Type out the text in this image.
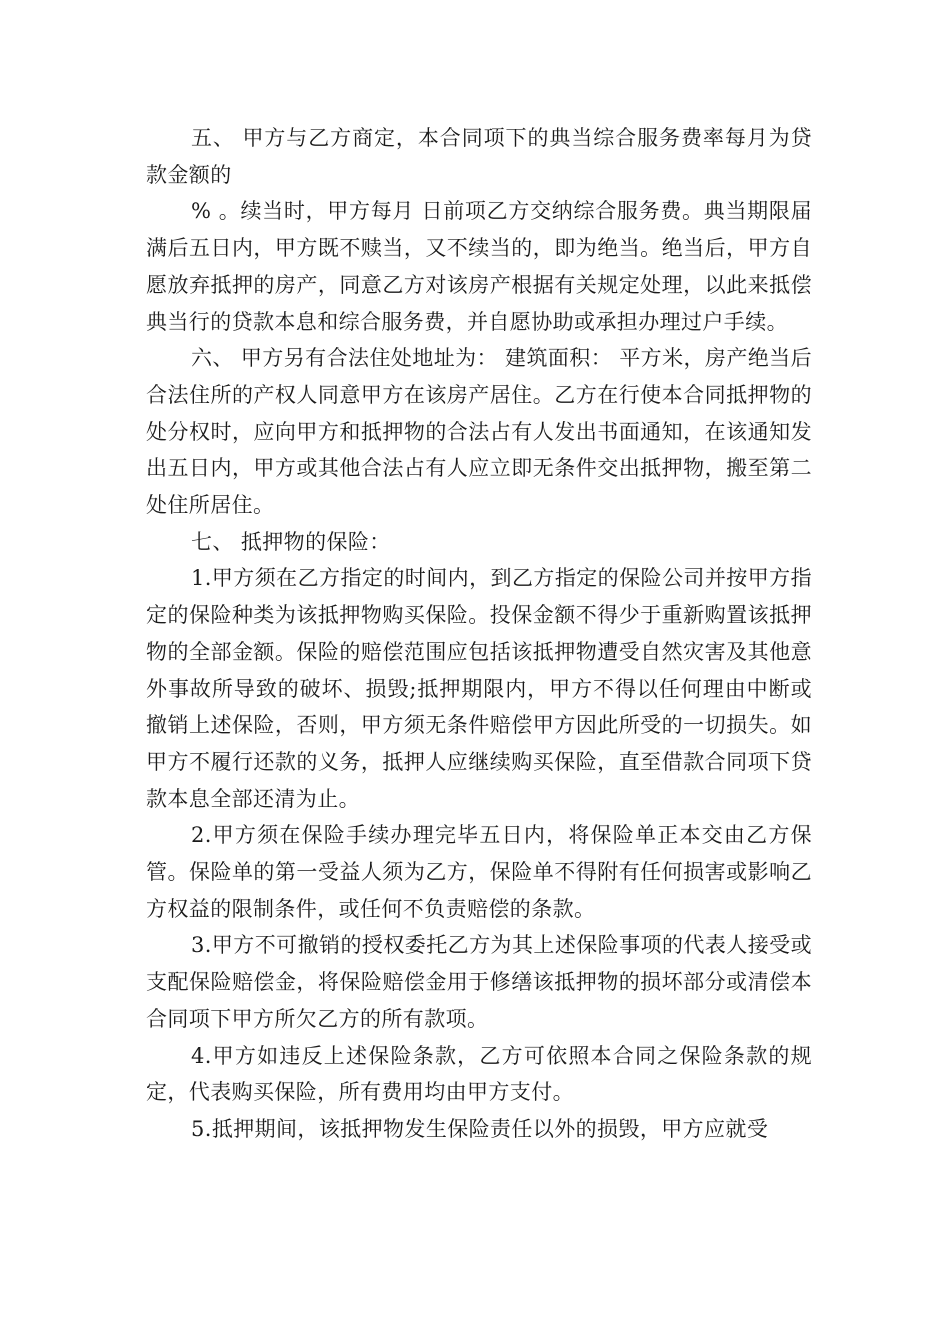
五、 甲方与乙方商定，本合同项下的典当综合服务费率每月为贷款金额的

% 。续当时，甲方每月 日前项乙方交纳综合服务费。典当期限届满后五日内，甲方既不赎当，又不续当的，即为绝当。绝当后，甲方自愿放弃抵押的房产，同意乙方对该房产根据有关规定处理，以此来抵偿典当行的贷款本息和综合服务费，并自愿协助或承担办理过户手续。

六、 甲方另有合法住处地址为： 建筑面积： 平方米，房产绝当后合法住所的产权人同意甲方在该房产居住。乙方在行使本合同抵押物的处分权时，应向甲方和抵押物的合法占有人发出书面通知，在该通知发出五日内，甲方或其他合法占有人应立即无条件交出抵押物，搬至第二处住所居住。

七、 抵押物的保险：

1.甲方须在乙方指定的时间内，到乙方指定的保险公司并按甲方指定的保险种类为该抵押物购买保险。投保金额不得少于重新购置该抵押物的全部金额。保险的赔偿范围应包括该抵押物遭受自然灾害及其他意外事故所导致的破坏、损毁;抵押期限内，甲方不得以任何理由中断或撤销上述保险，否则，甲方须无条件赔偿甲方因此所受的一切损失。如甲方不履行还款的义务，抵押人应继续购买保险，直至借款合同项下贷款本息全部还清为止。

2.甲方须在保险手续办理完毕五日内，将保险单正本交由乙方保管。保险单的第一受益人须为乙方，保险单不得附有任何损害或影响乙方权益的限制条件，或任何不负责赔偿的条款。

3.甲方不可撤销的授权委托乙方为其上述保险事项的代表人接受或支配保险赔偿金，将保险赔偿金用于修缮该抵押物的损坏部分或清偿本合同项下甲方所欠乙方的所有款项。

4.甲方如违反上述保险条款，乙方可依照本合同之保险条款的规定，代表购买保险，所有费用均由甲方支付。

5.抵押期间，该抵押物发生保险责任以外的损毁，甲方应就受
